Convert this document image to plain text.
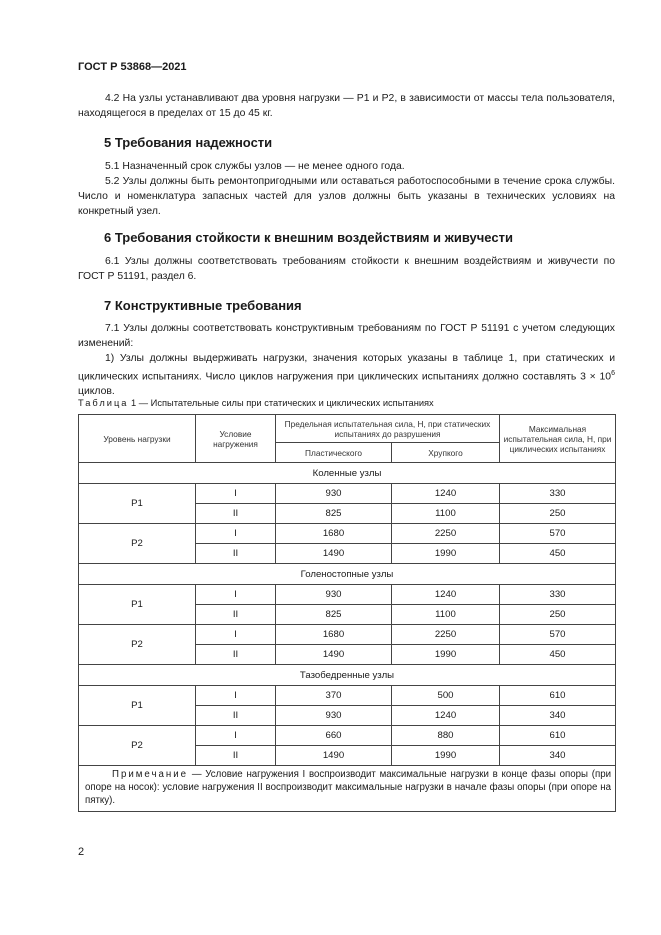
ГОСТ Р 53868—2021
4.2 На узлы устанавливают два уровня нагрузки — Р1 и Р2, в зависимости от массы тела пользователя, находящегося в пределах от 15 до 45 кг.
5 Требования надежности
5.1 Назначенный срок службы узлов — не менее одного года.
5.2 Узлы должны быть ремонтопригодными или оставаться работоспособными в течение срока службы. Число и номенклатура запасных частей для узлов должны быть указаны в технических условиях на конкретный узел.
6 Требования стойкости к внешним воздействиям и живучести
6.1 Узлы должны соответствовать требованиям стойкости к внешним воздействиям и живучести по ГОСТ Р 51191, раздел 6.
7 Конструктивные требования
7.1 Узлы должны соответствовать конструктивным требованиям по ГОСТ Р 51191 с учетом следующих изменений:
1) Узлы должны выдерживать нагрузки, значения которых указаны в таблице 1, при статических и циклических испытаниях. Число циклов нагружения при циклических испытаниях должно составлять $3 \times 10^6$ циклов.
Таблица 1 — Испытательные силы при статических и циклических испытаниях
Уровень нагрузки	Условие нагружения	Предельная испытательная сила, Н, при статических испытаниях до разрушения		Максимальная испытательная сила, Н, при циклических испытаниях
		Пластического	Хрупкого	
Коленные узлы				
Р1	I	930	1240	330
	II	825	1100	250
Р2	I	1680	2250	570
	II	1490	1990	450
Голеностопные узлы				
Р1	I	930	1240	330
	II	825	1100	250
Р2	I	1680	2250	570
	II	1490	1990	450
Тазобедренные узлы				
Р1	I	370	500	610
	II	930	1240	340
Р2	I	660	880	610
	II	1490	1990	340
Примечание — Условие нагружения I воспроизводит максимальные нагрузки в конце фазы опоры (при опоре на носок): условие нагружения II воспроизводит максимальные нагрузки в начале фазы опоры (при опоре на пятку).				
2
